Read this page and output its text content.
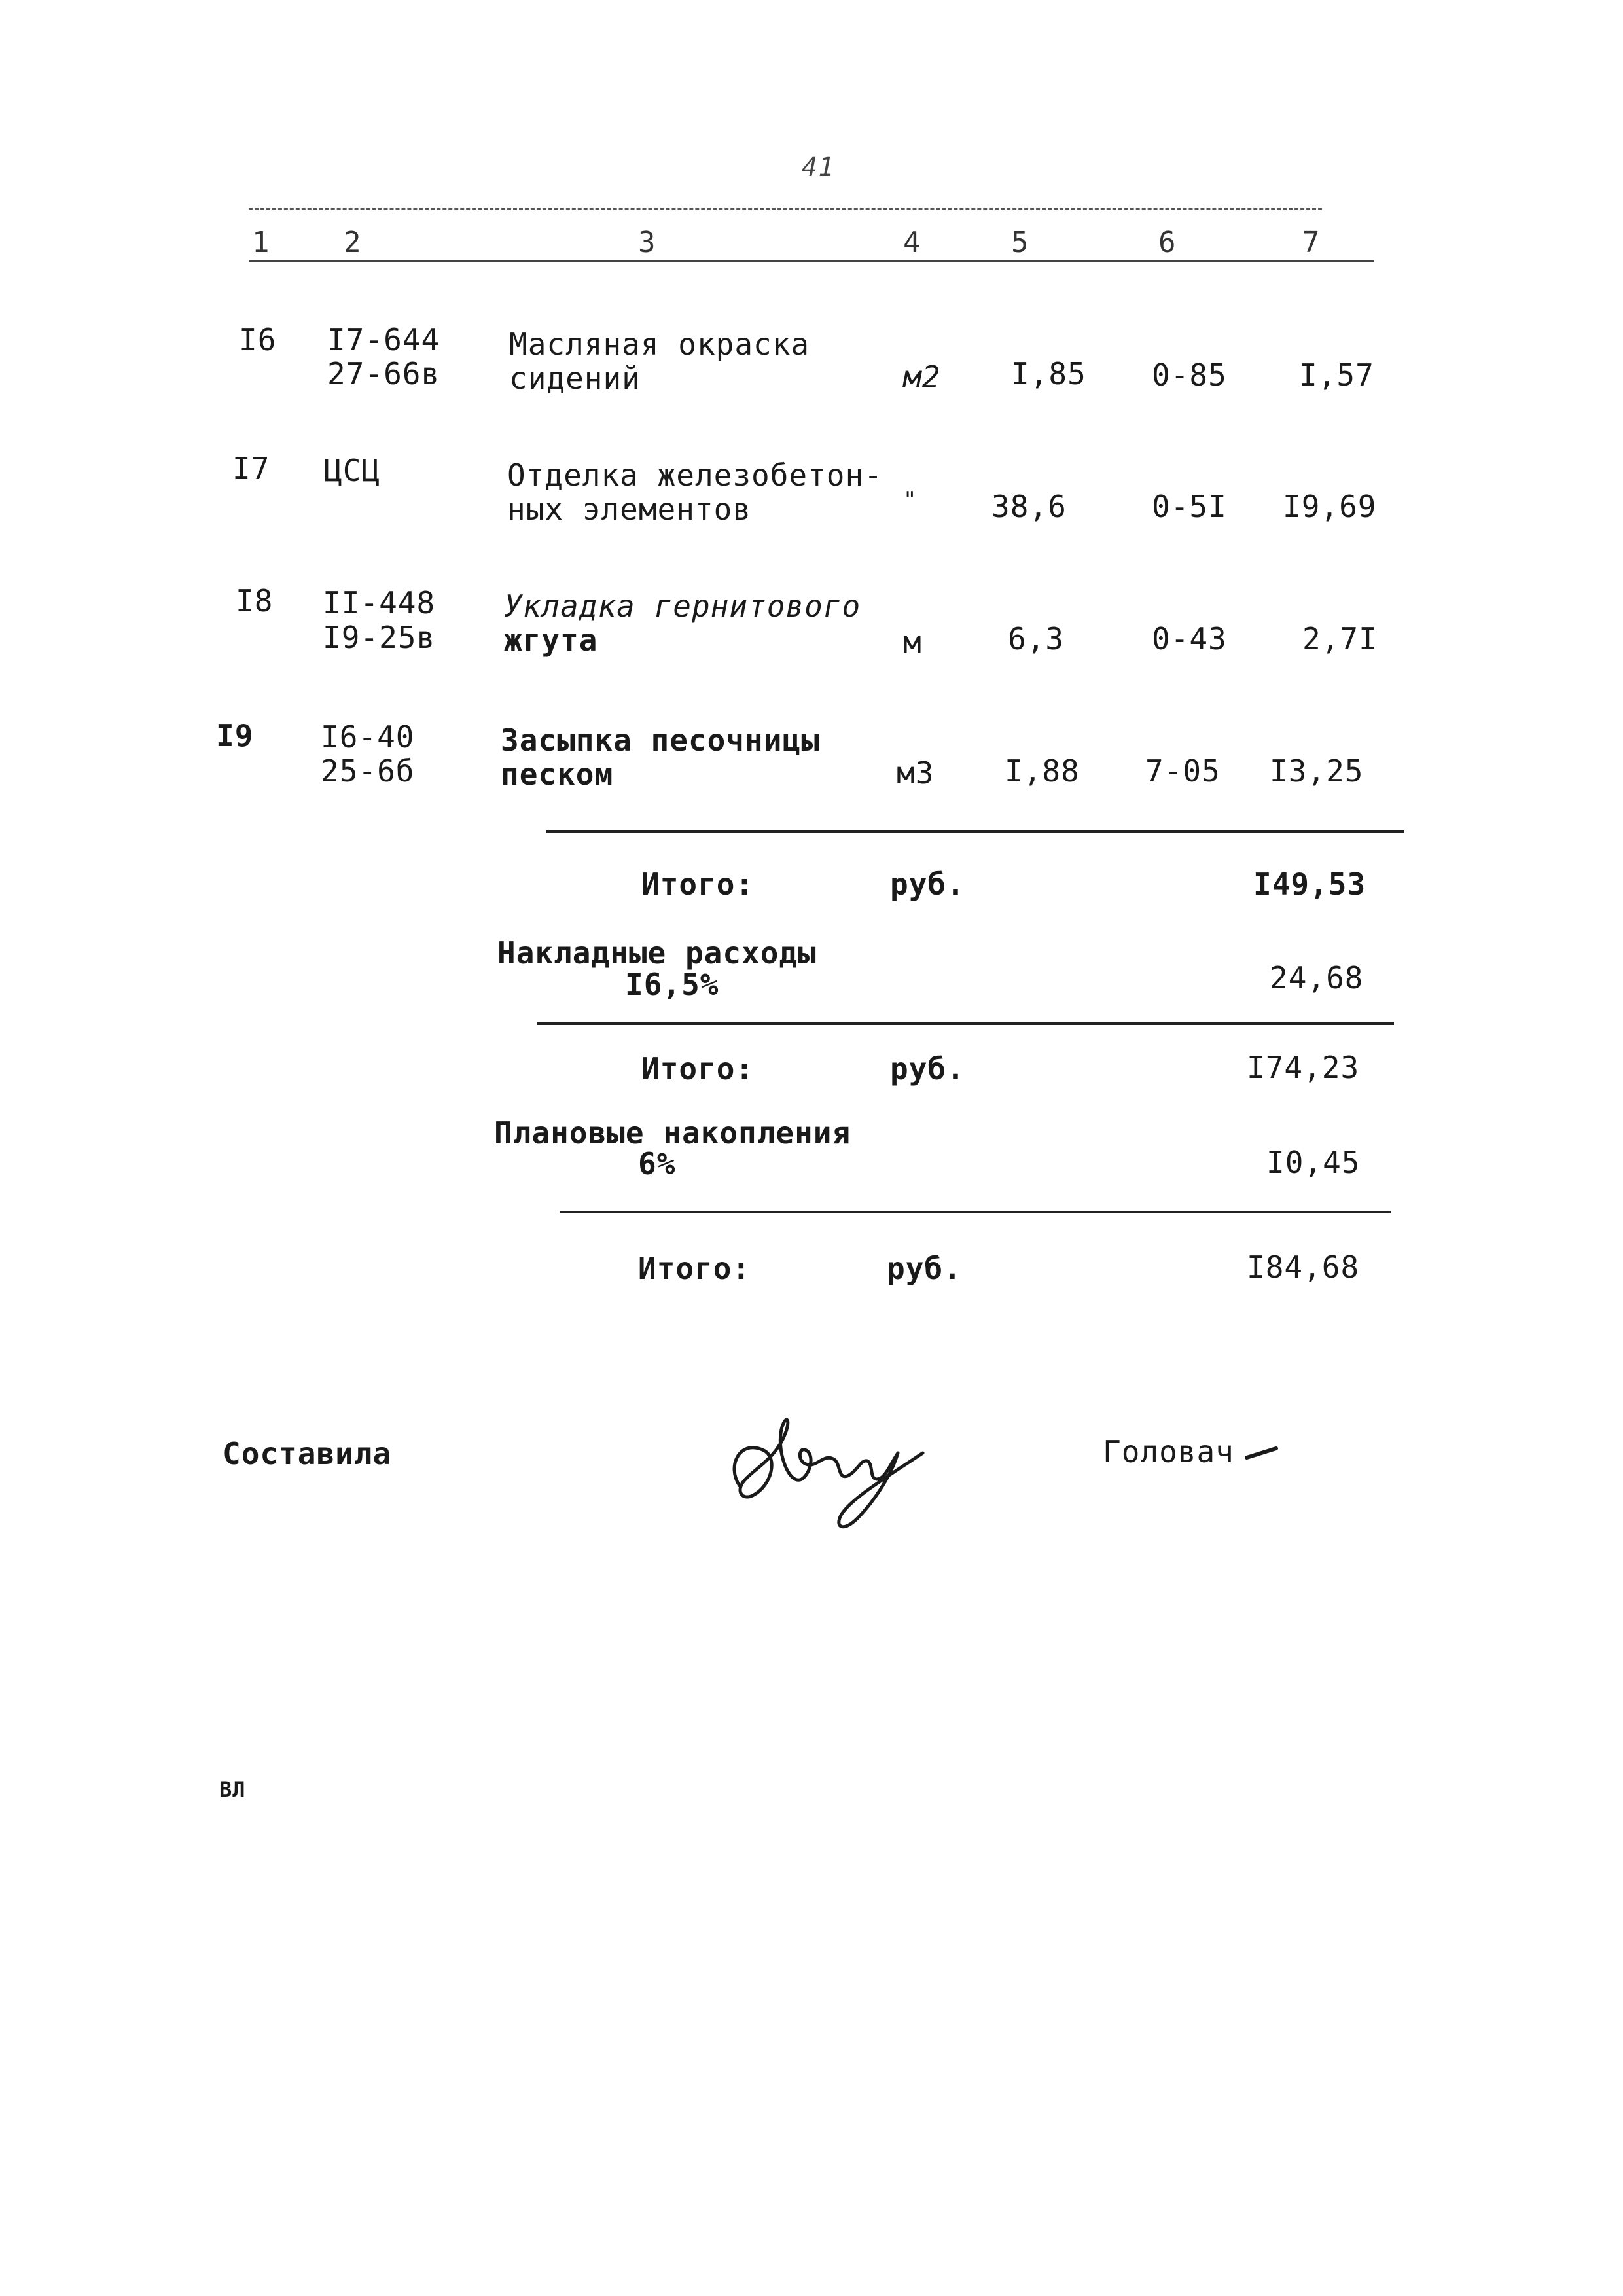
41
1	2	3	4	5	6	7
I6 I7-644
27-66в
Масляная окраска
сидений	м2 I,85 0-85 I,57
I7 ЦСЦ	Отделка железобетон-
ных элементов	" 38,6	0-5I I9,69
I8 II-448
I9-25в
Укладка гернитового
жгута	м	6,3	0-43	2,7I
I9 I6-40
25-6б
Засыпка песочницы
песком	м3 I,88 7-05 I3,25
Итого:	руб.	I49,53
Накладные расходы
I6,5%	24,68
Итого:	руб.	I74,23
Плановые накопления
6%	I0,45
Итого:	руб.	I84,68
Составила	Головач
ВЛ
